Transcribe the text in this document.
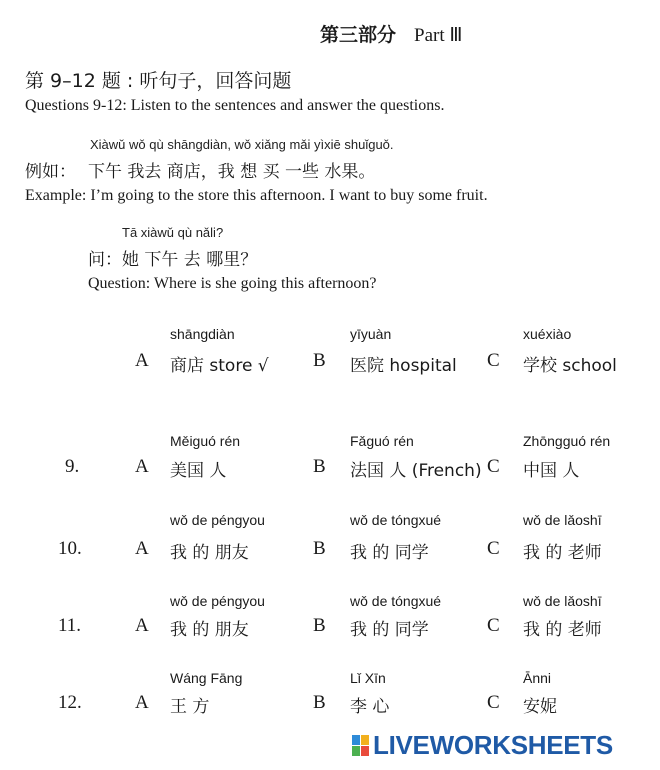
第三部分 Part Ⅲ
第 9–12 题 : 听句子，回答问题
Questions 9-12: Listen to the sentences and answer the questions.
Xiàwǔ wǒ qù shāngdiàn, wǒ xiǎng mǎi yìxiē shuǐguǒ.
例如： 下午 我去 商店，我 想 买 一些 水果。
Example: I’m going to the store this afternoon. I want to buy some fruit.
Tā xiàwǔ qù nǎli?
问： 她 下午 去 哪里？
Question: Where is she going this afternoon?
shāngdiàn
A 商店 store √
yīyuàn
B 医院 hospital
xuéxiào
C 学校 school
9.
Měiguó rén
A 美国 人
Fǎguó rén
B 法国 人 (French)
Zhōngguó rén
C 中国 人
10.
wǒ de péngyou
A 我 的 朋友
wǒ de tóngxué
B 我 的 同学
wǒ de lǎoshī
C 我 的 老师
11.
wǒ de péngyou
A 我 的 朋友
wǒ de tóngxué
B 我 的 同学
wǒ de lǎoshī
C 我 的 老师
12.
Wáng Fāng
A 王 方
Lǐ Xīn
B 李 心
Ānni
C 安妮
LIVEWORKSHEETS
